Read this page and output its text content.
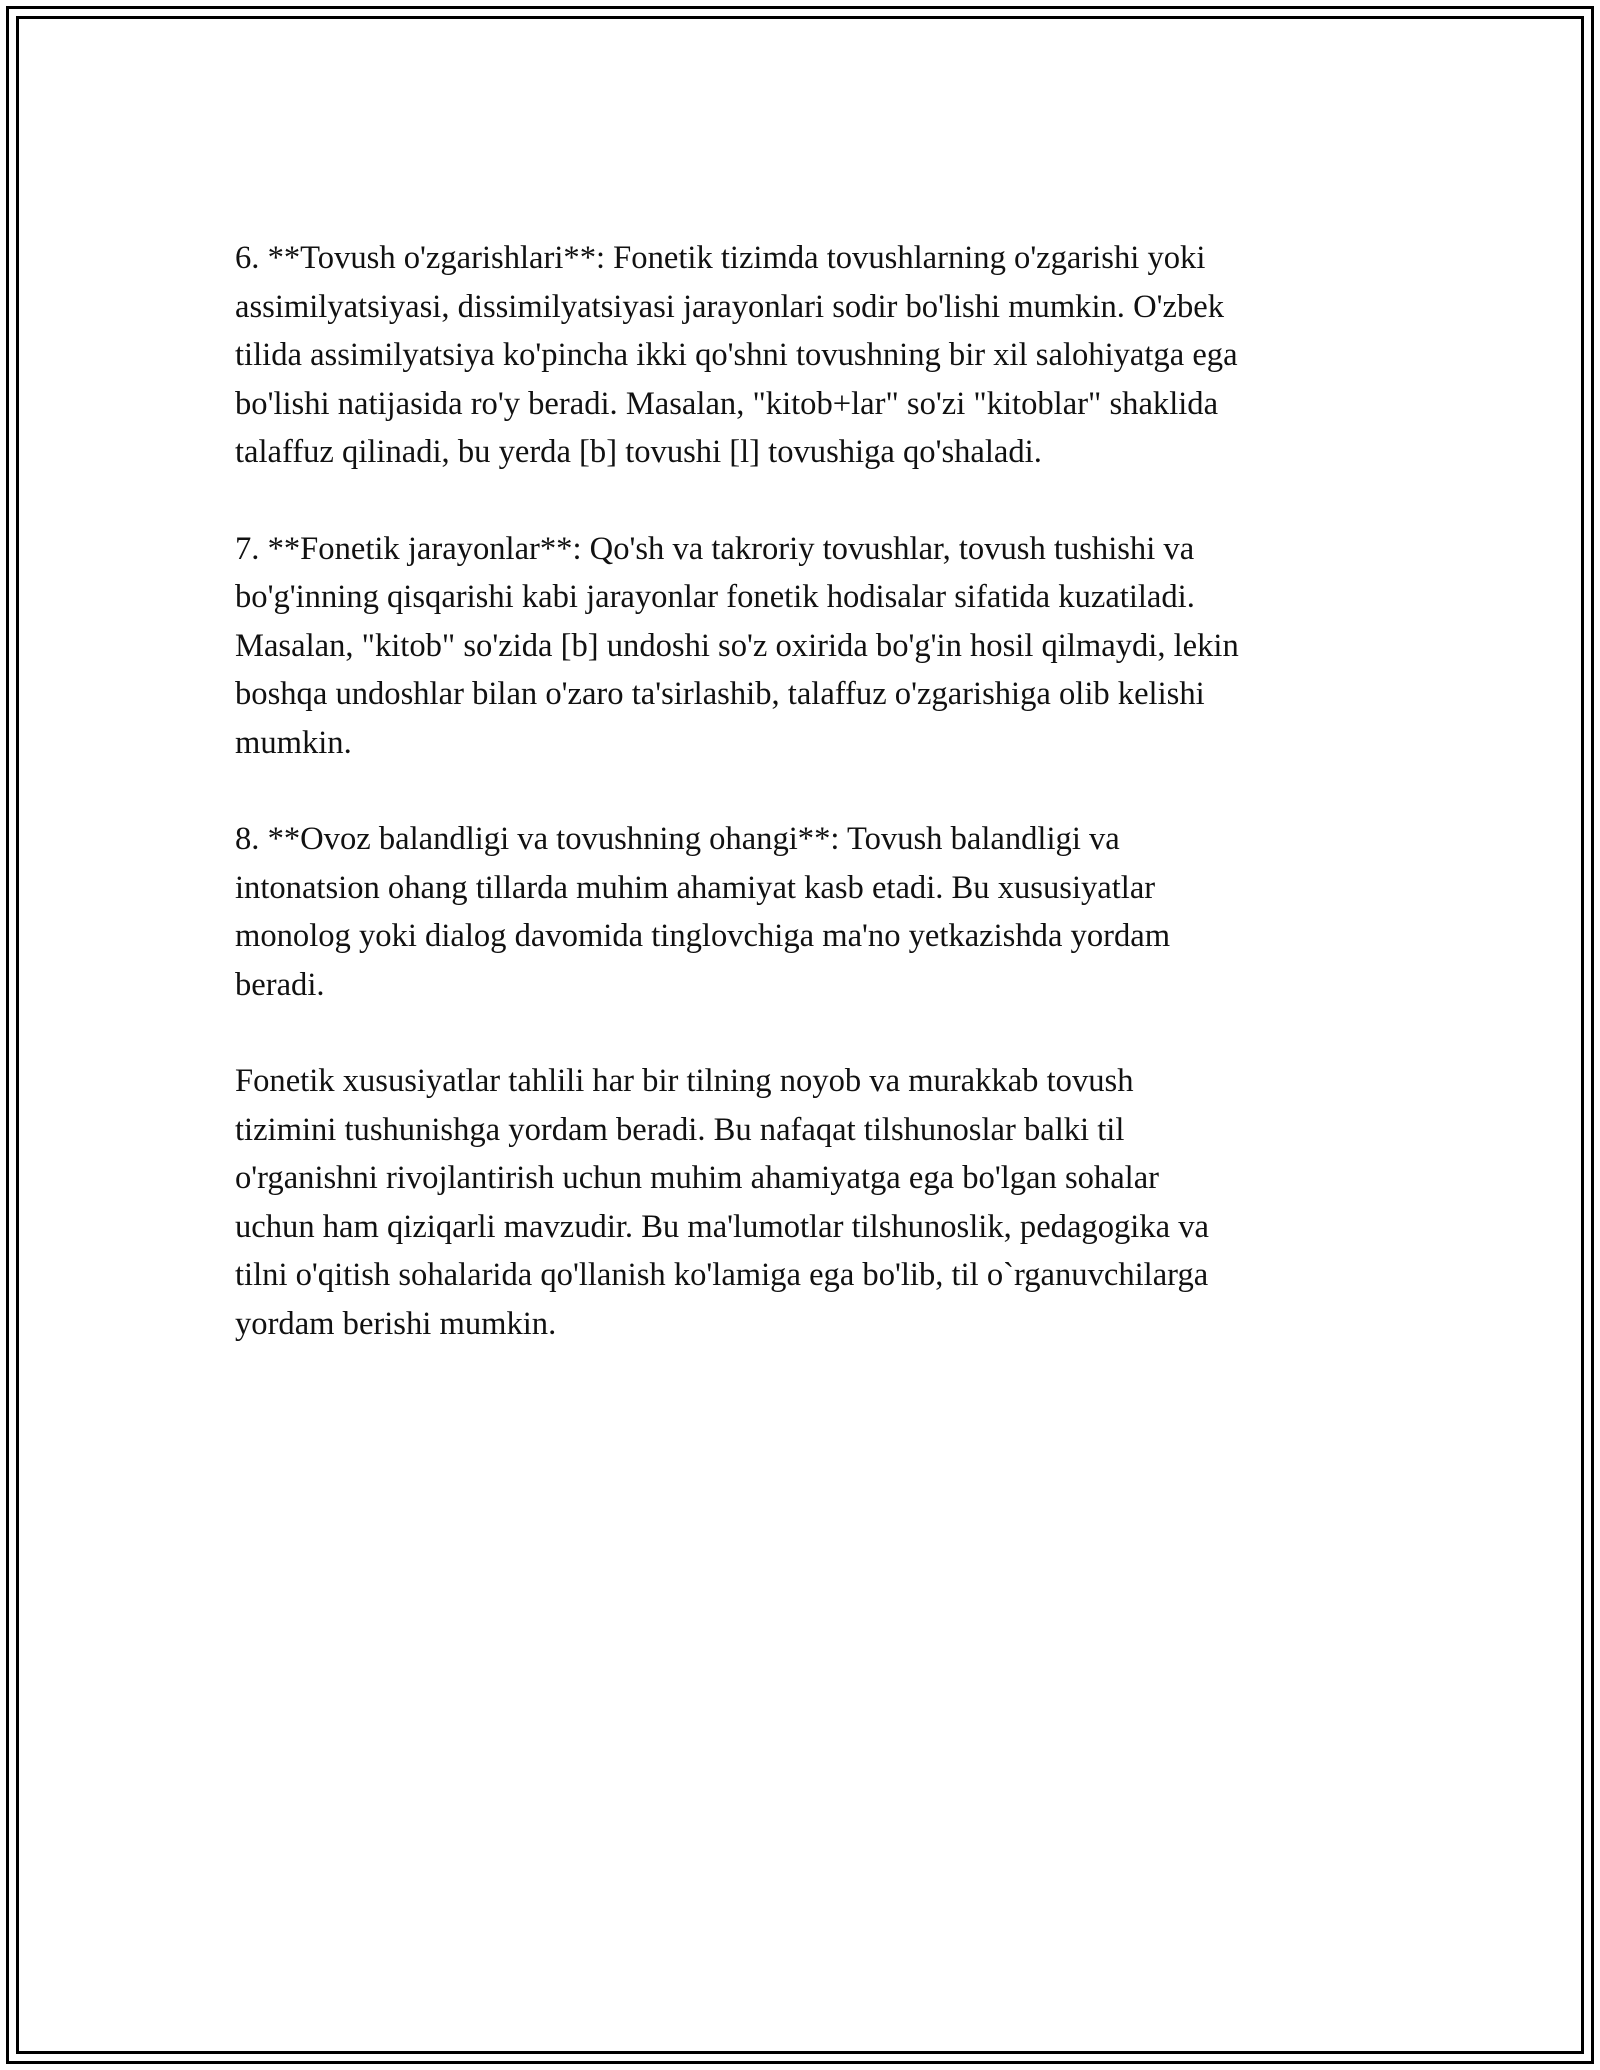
6. **Tovush o'zgarishlari**: Fonetik tizimda tovushlarning o'zgarishi yoki
assimilyatsiyasi, dissimilyatsiyasi jarayonlari sodir bo'lishi mumkin. O'zbek
tilida assimilyatsiya ko'pincha ikki qo'shni tovushning bir xil salohiyatga ega
bo'lishi natijasida ro'y beradi. Masalan, "kitob+lar" so'zi "kitoblar" shaklida
talaffuz qilinadi, bu yerda [b] tovushi [l] tovushiga qo'shaladi.

7. **Fonetik jarayonlar**: Qo'sh va takroriy tovushlar, tovush tushishi va
bo'g'inning qisqarishi kabi jarayonlar fonetik hodisalar sifatida kuzatiladi.
Masalan, "kitob" so'zida [b] undoshi so'z oxirida bo'g'in hosil qilmaydi, lekin
boshqa undoshlar bilan o'zaro ta'sirlashib, talaffuz o'zgarishiga olib kelishi
mumkin.

8. **Ovoz balandligi va tovushning ohangi**: Tovush balandligi va
intonatsion ohang tillarda muhim ahamiyat kasb etadi. Bu xususiyatlar
monolog yoki dialog davomida tinglovchiga ma'no yetkazishda yordam
beradi.

Fonetik xususiyatlar tahlili har bir tilning noyob va murakkab tovush
tizimini tushunishga yordam beradi. Bu nafaqat tilshunoslar balki til
o'rganishni rivojlantirish uchun muhim ahamiyatga ega bo'lgan sohalar
uchun ham qiziqarli mavzudir. Bu ma'lumotlar tilshunoslik, pedagogika va
tilni o'qitish sohalarida qo'llanish ko'lamiga ega bo'lib, til o`rganuvchilarga
yordam berishi mumkin.
